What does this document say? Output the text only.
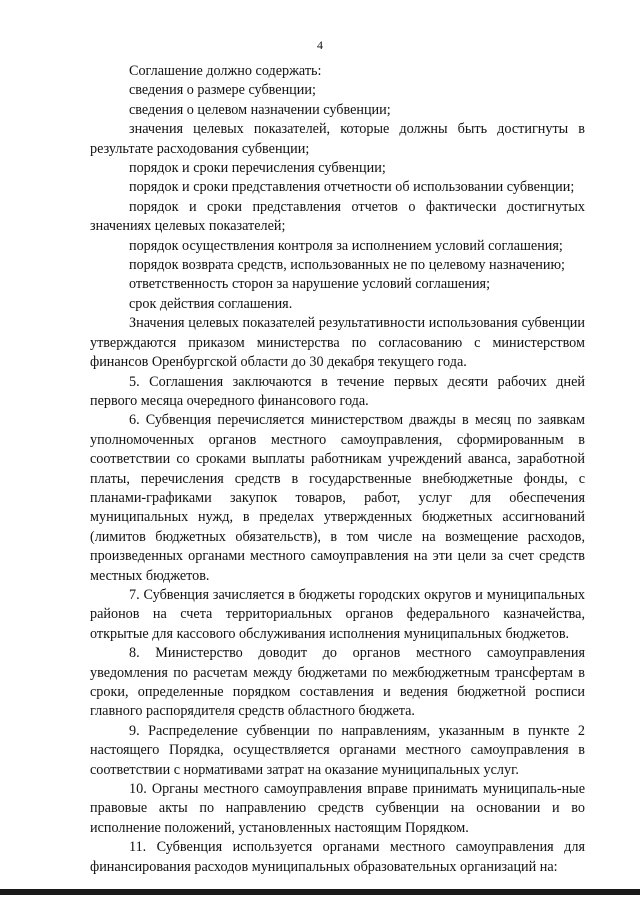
4

Соглашение должно содержать:

сведения о размере субвенции;

сведения о целевом назначении субвенции;

значения целевых показателей, которые должны быть достигнуты в результате расходования субвенции;

порядок и сроки перечисления субвенции;

порядок и сроки представления отчетности об использовании субвенции;

порядок и сроки представления отчетов о фактически достигнутых значениях целевых показателей;

порядок осуществления контроля за исполнением условий соглашения;

порядок возврата средств, использованных не по целевому назначению;

ответственность сторон за нарушение условий соглашения;

срок действия соглашения.

Значения целевых показателей результативности использования субвенции утверждаются приказом министерства по согласованию с министерством финансов Оренбургской области до 30 декабря текущего года.

5. Соглашения заключаются в течение первых десяти рабочих дней первого месяца очередного финансового года.

6. Субвенция перечисляется министерством дважды в месяц по заявкам уполномоченных органов местного самоуправления, сформированным в соответствии со сроками выплаты работникам учреждений аванса, заработной платы, перечисления средств в государственные внебюджетные фонды, с планами-графиками закупок товаров, работ, услуг для обеспечения муниципальных нужд, в пределах утвержденных бюджетных ассигнований (лимитов бюджетных обязательств), в том числе на возмещение расходов, произведенных органами местного самоуправления на эти цели за счет средств местных бюджетов.

7. Субвенция зачисляется в бюджеты городских округов и муниципальных районов на счета территориальных органов федерального казначейства, открытые для кассового обслуживания исполнения муниципальных бюджетов.

8. Министерство доводит до органов местного самоуправления уведомления по расчетам между бюджетами по межбюджетным трансфертам в сроки, определенные порядком составления и ведения бюджетной росписи главного распорядителя средств областного бюджета.

9. Распределение субвенции по направлениям, указанным в пункте 2 настоящего Порядка, осуществляется органами местного самоуправления в соответствии с нормативами затрат на оказание муниципальных услуг.

10. Органы местного самоуправления вправе принимать муниципаль-ные правовые акты по направлению средств субвенции на основании и во исполнение положений, установленных настоящим Порядком.

11. Субвенция используется органами местного самоуправления для финансирования расходов муниципальных образовательных организаций на:
